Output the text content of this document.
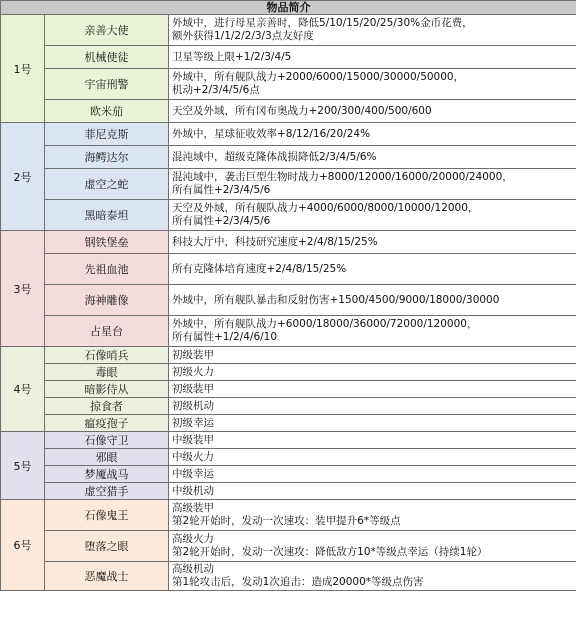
物品简介		
1号	亲善大使	外域中，进行母星亲善时，降低5/10/15/20/25/30%金币花费，
额外获得1/1/2/2/3/3点友好度

	机械使徒	卫星等级上限+1/2/3/4/5

	宇宙刑警	外域中，所有舰队战力+2000/6000/15000/30000/50000，
机动+2/3/4/5/6点

	欧米茄	天空及外域，所有冈布奥战力+200/300/400/500/600

2号	菲尼克斯	外域中，星球征收效率+8/12/16/20/24%

	海鳄达尔	混沌域中，超级克隆体战损降低2/3/4/5/6%

	虚空之蛇	混沌域中，袭击巨型生物时战力+8000/12000/16000/20000/24000，
所有属性+2/3/4/5/6

	黑暗泰坦	天空及外域，所有舰队战力+4000/6000/8000/10000/12000，
所有属性+2/3/4/5/6

3号	钢铁堡垒	科技大厅中，科技研究速度+2/4/8/15/25%

	先祖血池	所有克隆体培育速度+2/4/8/15/25%

	海神雕像	外域中，所有舰队暴击和反射伤害+1500/4500/9000/18000/30000

	占星台	外域中，所有舰队战力+6000/18000/36000/72000/120000，
所有属性+1/2/4/6/10

4号	石像哨兵	初级装甲

	毒眼	初级火力

	暗影侍从	初级装甲

	掠食者	初级机动

	瘟疫孢子	初级幸运

5号	石像守卫	中级装甲

	邪眼	中级火力

	梦魇战马	中级幸运

	虚空猎手	中级机动

6号	石像鬼王	高级装甲
第2轮开始时，发动一次速攻：装甲提升6*等级点

	堕落之眼	高级火力
第2轮开始时，发动一次速攻：降低敌方10*等级点幸运（持续1轮）

	恶魔战士	高级机动
第1轮攻击后，发动1次追击：造成20000*等级点伤害
